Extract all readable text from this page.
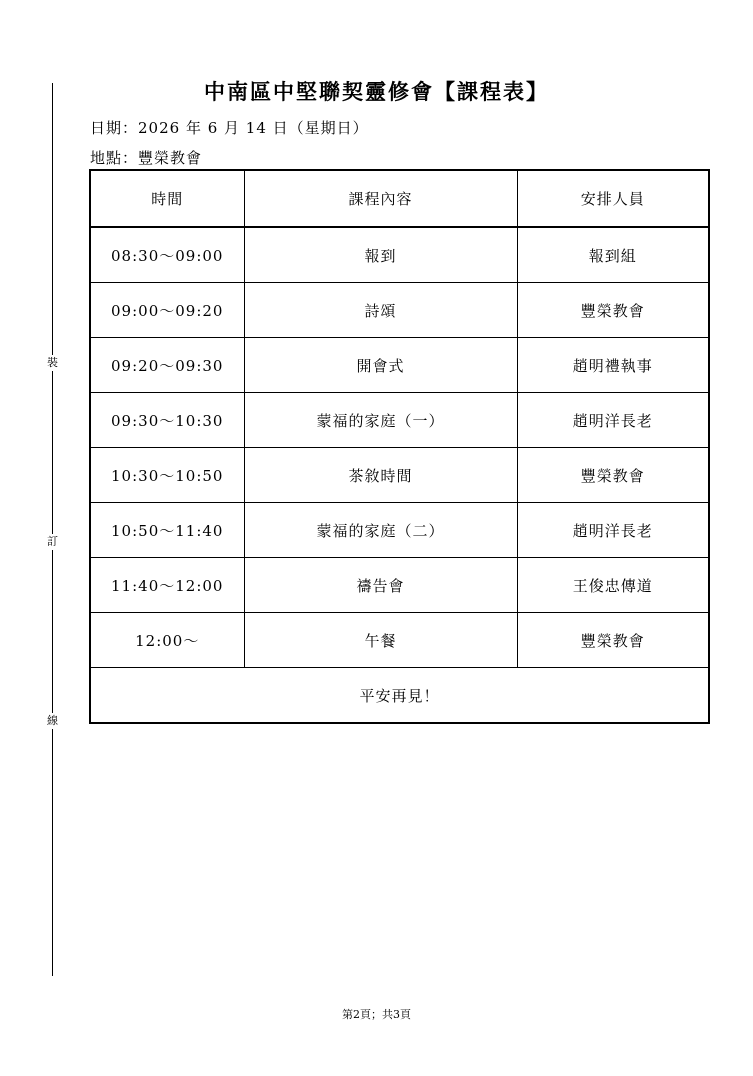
裝
訂
線
中南區中堅聯契靈修會【課程表】
日期：2026 年 6 月 14 日（星期日）
地點：豐榮教會
時間	課程內容	安排人員
08:30～09:00	報到	報到組
09:00～09:20	詩頌	豐榮教會
09:20～09:30	開會式	趙明禮執事
09:30～10:30	蒙福的家庭（一）	趙明洋長老
10:30～10:50	茶敘時間	豐榮教會
10:50～11:40	蒙福的家庭（二）	趙明洋長老
11:40～12:00	禱告會	王俊忠傳道
12:00～	午餐	豐榮教會
平安再見！		
第2頁；共3頁
